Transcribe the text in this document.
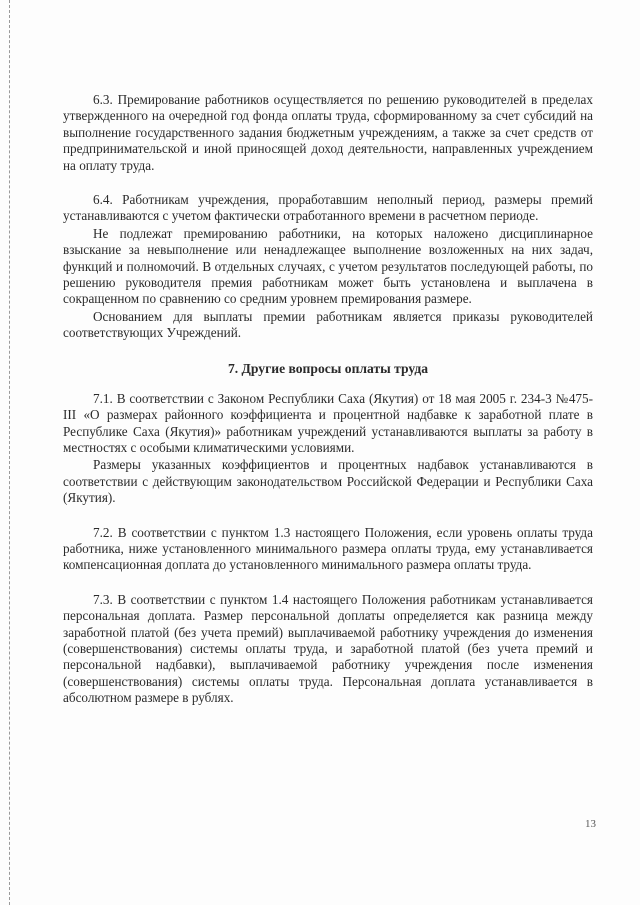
6.3. Премирование работников осуществляется по решению руководителей в пределах утвержденного на очередной год фонда оплаты труда, сформированному за счет субсидий на выполнение государственного задания бюджетным учреждениям, а также за счет средств от предпринимательской и иной приносящей доход деятельности, направленных учреждением на оплату труда.

6.4. Работникам учреждения, проработавшим неполный период, размеры премий устанавливаются с учетом фактически отработанного времени в расчетном периоде.

Не подлежат премированию работники, на которых наложено дисциплинарное взыскание за невыполнение или ненадлежащее выполнение возложенных на них задач, функций и полномочий. В отдельных случаях, с учетом результатов последующей работы, по решению руководителя премия работникам может быть установлена и выплачена в сокращенном по сравнению со средним уровнем премирования размере.

Основанием для выплаты премии работникам является приказы руководителей соответствующих Учреждений.

7. Другие вопросы оплаты труда

7.1. В соответствии с Законом Республики Саха (Якутия) от 18 мая 2005 г. 234-3 №475-III «О размерах районного коэффициента и процентной надбавке к заработной плате в Республике Саха (Якутия)» работникам учреждений устанавливаются выплаты за работу в местностях с особыми климатическими условиями.

Размеры указанных коэффициентов и процентных надбавок устанавливаются в соответствии с действующим законодательством Российской Федерации и Республики Саха (Якутия).

7.2. В соответствии с пунктом 1.3 настоящего Положения, если уровень оплаты труда работника, ниже установленного минимального размера оплаты труда, ему устанавливается компенсационная доплата до установленного минимального размера оплаты труда.

7.3. В соответствии с пунктом 1.4 настоящего Положения работникам устанавливается персональная доплата. Размер персональной доплаты определяется как разница между заработной платой (без учета премий) выплачиваемой работнику учреждения до изменения (совершенствования) системы оплаты труда, и заработной платой (без учета премий и персональной надбавки), выплачиваемой работнику учреждения после изменения (совершенствования) системы оплаты труда. Персональная доплата устанавливается в абсолютном размере в рублях.

13
